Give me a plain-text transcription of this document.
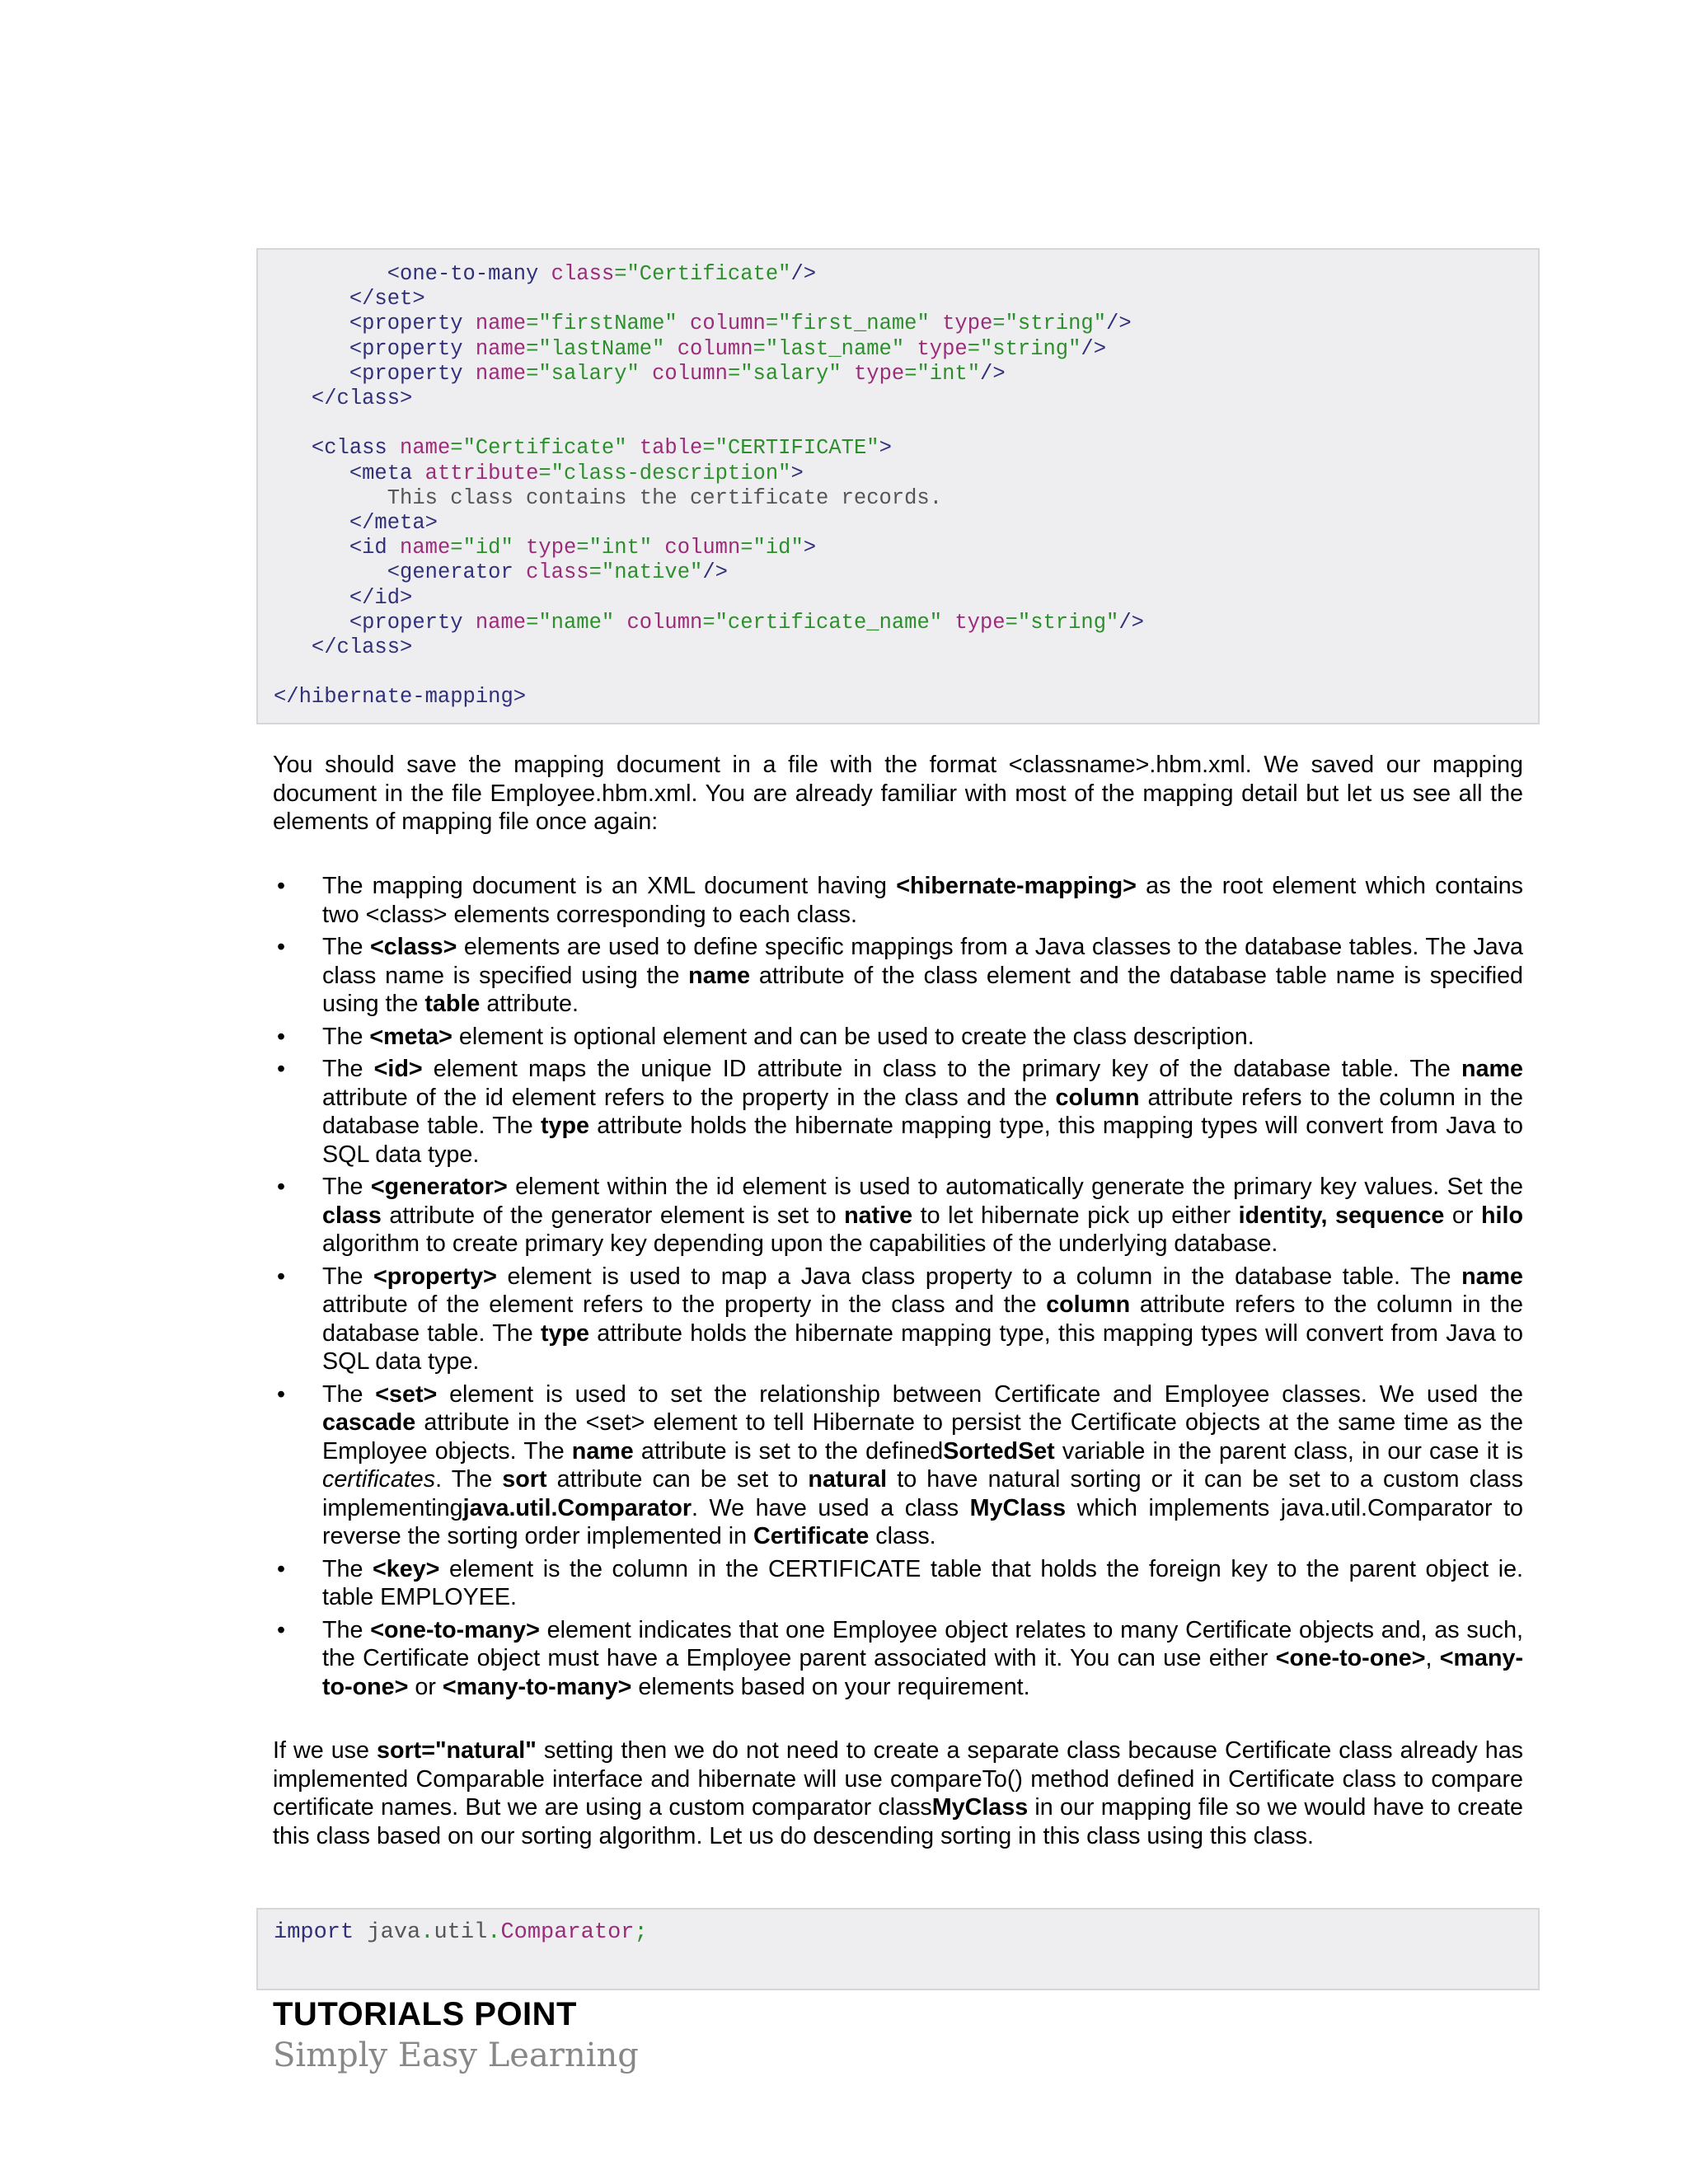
<one-to-many class="Certificate"/>
</set>
<property name="firstName" column="first_name" type="string"/>
<property name="lastName" column="last_name" type="string"/>
<property name="salary" column="salary" type="int"/>
</class>

<class name="Certificate" table="CERTIFICATE">
<meta attribute="class-description">
This class contains the certificate records.
</meta>
<id name="id" type="int" column="id">
<generator class="native"/>
</id>
<property name="name" column="certificate_name" type="string"/>
</class>

</hibernate-mapping>
You should save the mapping document in a file with the format <classname>.hbm.xml. We saved our mapping document in the file Employee.hbm.xml. You are already familiar with most of the mapping detail but let us see all the elements of mapping file once again:
• The mapping document is an XML document having <hibernate-mapping> as the root element which contains two <class> elements corresponding to each class.
• The <class> elements are used to define specific mappings from a Java classes to the database tables. The Java class name is specified using the name attribute of the class element and the database table name is specified using the table attribute.
• The <meta> element is optional element and can be used to create the class description.
• The <id> element maps the unique ID attribute in class to the primary key of the database table. The name attribute of the id element refers to the property in the class and the column attribute refers to the column in the database table. The type attribute holds the hibernate mapping type, this mapping types will convert from Java to SQL data type.
• The <generator> element within the id element is used to automatically generate the primary key values. Set the class attribute of the generator element is set to native to let hibernate pick up either identity, sequence or hilo algorithm to create primary key depending upon the capabilities of the underlying database.
• The <property> element is used to map a Java class property to a column in the database table. The name attribute of the element refers to the property in the class and the column attribute refers to the column in the database table. The type attribute holds the hibernate mapping type, this mapping types will convert from Java to SQL data type.
• The <set> element is used to set the relationship between Certificate and Employee classes. We used the cascade attribute in the <set> element to tell Hibernate to persist the Certificate objects at the same time as the Employee objects. The name attribute is set to the definedSortedSet variable in the parent class, in our case it is certificates. The sort attribute can be set to natural to have natural sorting or it can be set to a custom class implementingjava.util.Comparator. We have used a class MyClass which implements java.util.Comparator to reverse the sorting order implemented in Certificate class.
• The <key> element is the column in the CERTIFICATE table that holds the foreign key to the parent object ie. table EMPLOYEE.
• The <one-to-many> element indicates that one Employee object relates to many Certificate objects and, as such, the Certificate object must have a Employee parent associated with it. You can use either <one-to-one>, <many-to-one> or <many-to-many> elements based on your requirement.
If we use sort="natural" setting then we do not need to create a separate class because Certificate class already has implemented Comparable interface and hibernate will use compareTo() method defined in Certificate class to compare certificate names. But we are using a custom comparator classMyClass in our mapping file so we would have to create this class based on our sorting algorithm. Let us do descending sorting in this class using this class.
import java.util.Comparator;
TUTORIALS POINT
Simply Easy Learning
